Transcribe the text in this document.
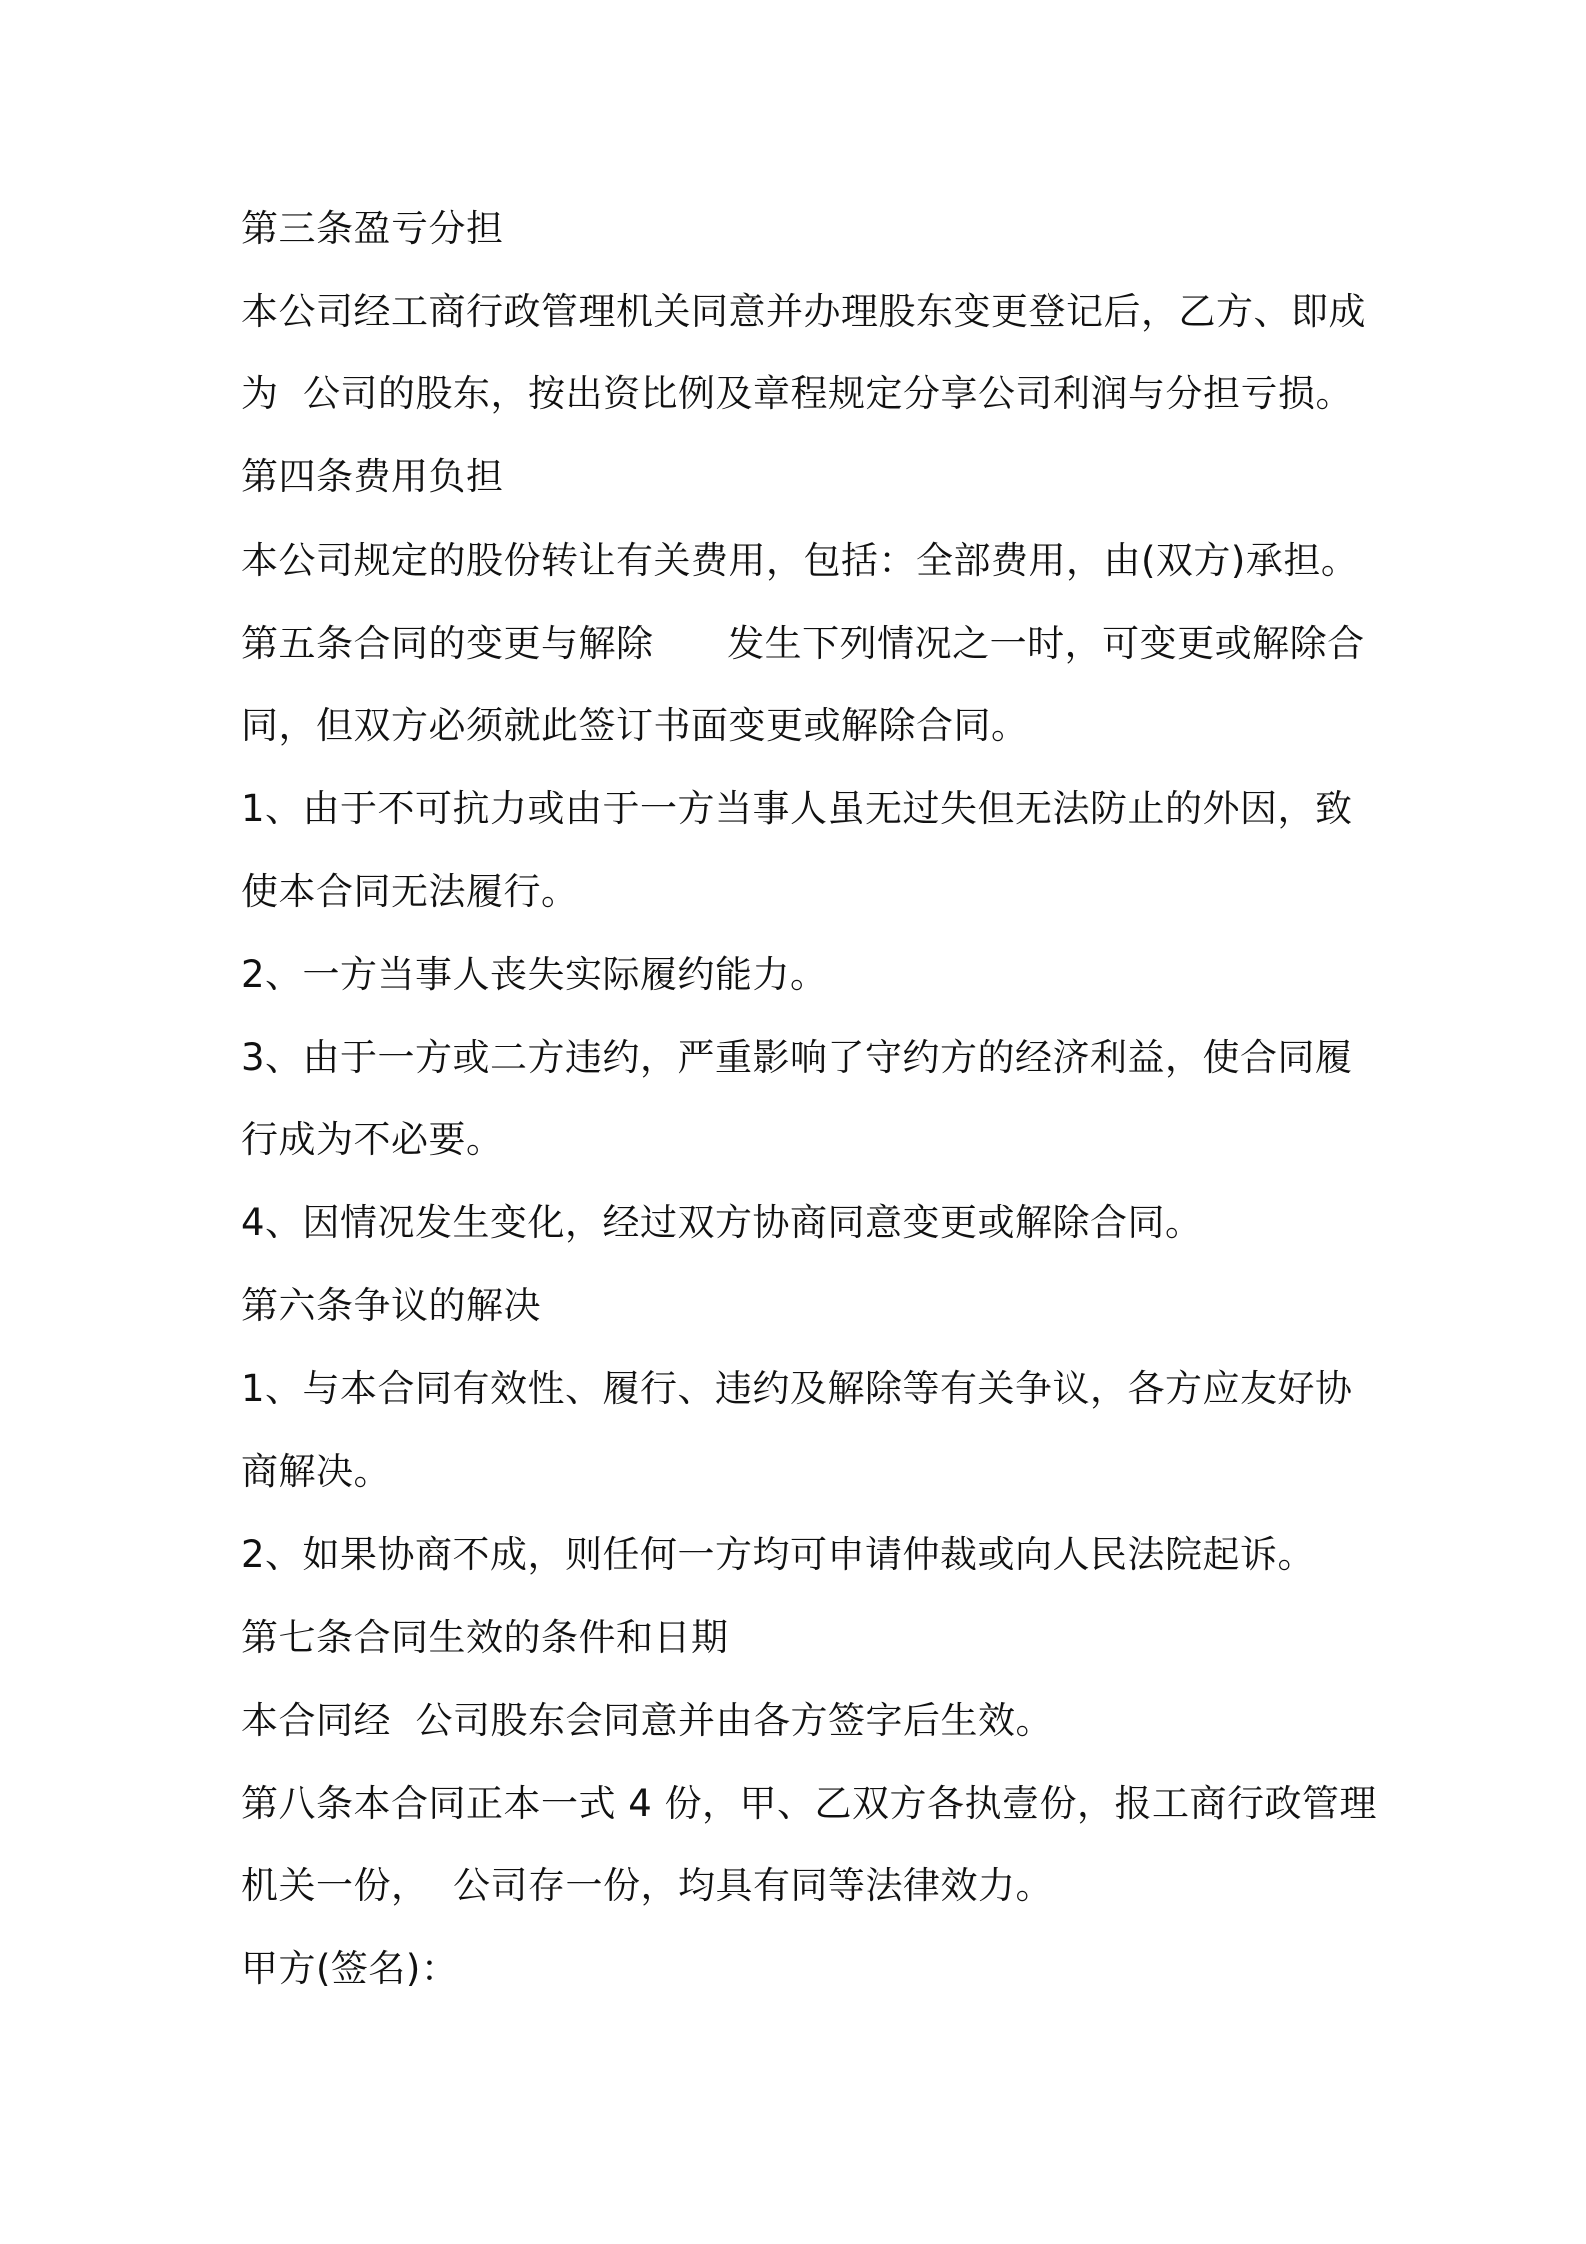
第三条盈亏分担
本公司经工商行政管理机关同意并办理股东变更登记后，乙方、即成
为  公司的股东，按出资比例及章程规定分享公司利润与分担亏损。
第四条费用负担
本公司规定的股份转让有关费用，包括：全部费用，由(双方)承担。
第五条合同的变更与解除      发生下列情况之一时，可变更或解除合
同，但双方必须就此签订书面变更或解除合同。
1、由于不可抗力或由于一方当事人虽无过失但无法防止的外因，致
使本合同无法履行。
2、一方当事人丧失实际履约能力。
3、由于一方或二方违约，严重影响了守约方的经济利益，使合同履
行成为不必要。
4、因情况发生变化，经过双方协商同意变更或解除合同。
第六条争议的解决
1、与本合同有效性、履行、违约及解除等有关争议，各方应友好协
商解决。
2、如果协商不成，则任何一方均可申请仲裁或向人民法院起诉。
第七条合同生效的条件和日期
本合同经  公司股东会同意并由各方签字后生效。
第八条本合同正本一式 4 份，甲、乙双方各执壹份，报工商行政管理
机关一份，  公司存一份，均具有同等法律效力。
甲方(签名)：
